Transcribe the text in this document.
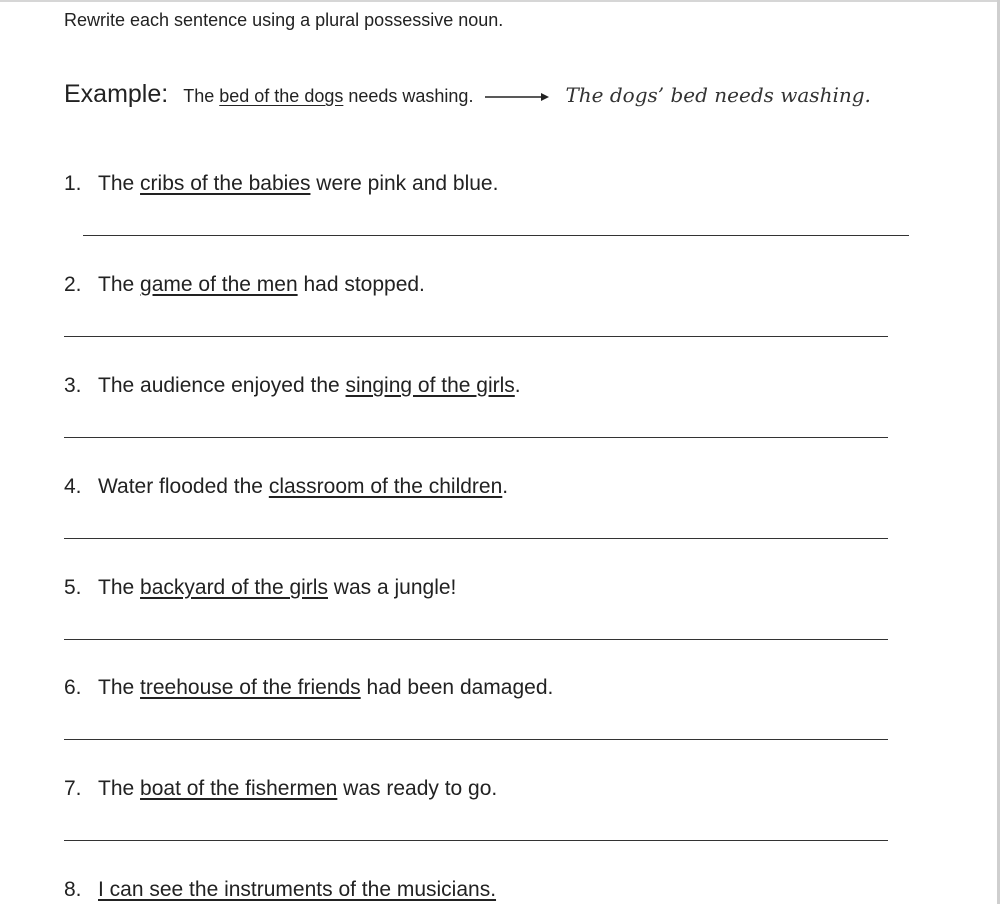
Rewrite each sentence using a plural possessive noun.
Example: The bed of the dogs needs washing.	The dogs’ bed needs washing.
1. The cribs of the babies were pink and blue.
2. The game of the men had stopped.
3. The audience enjoyed the singing of the girls.
4. Water flooded the classroom of the children.
5. The backyard of the girls was a jungle!
6. The treehouse of the friends had been damaged.
7. The boat of the fishermen was ready to go.
8. I can see the instruments of the musicians.
